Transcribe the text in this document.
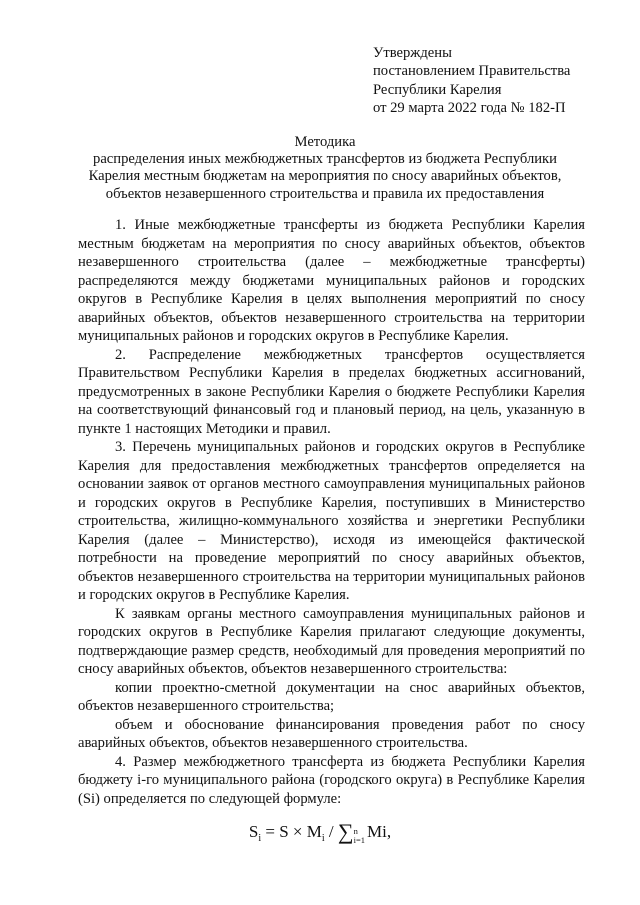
Утверждены
постановлением Правительства
Республики Карелия
от 29 марта 2022 года № 182-П
Методика
распределения иных межбюджетных трансфертов из бюджета Республики
Карелия местным бюджетам на мероприятия по сносу аварийных объектов,
объектов незавершенного строительства и правила их предоставления

1. Иные межбюджетные трансферты из бюджета Республики Карелия местным бюджетам на мероприятия по сносу аварийных объектов, объектов незавершенного строительства (далее – межбюджетные трансферты) распределяются между бюджетами муниципальных районов и городских округов в Республике Карелия в целях выполнения мероприятий по сносу аварийных объектов, объектов незавершенного строительства на территории муниципальных районов и городских округов в Республике Карелия.

2. Распределение межбюджетных трансфертов осуществляется Правительством Республики Карелия в пределах бюджетных ассигнований, предусмотренных в законе Республики Карелия о бюджете Республики Карелия на соответствующий финансовый год и плановый период, на цель, указанную в пункте 1 настоящих Методики и правил.

3. Перечень муниципальных районов и городских округов в Республике Карелия для предоставления межбюджетных трансфертов определяется на основании заявок от органов местного самоуправления муниципальных районов и городских округов в Республике Карелия, поступивших в Министерство строительства, жилищно-коммунального хозяйства и энергетики Республики Карелия (далее – Министерство), исходя из имеющейся фактической потребности на проведение мероприятий по сносу аварийных объектов, объектов незавершенного строительства на территории муниципальных районов и городских округов в Республике Карелия.

К заявкам органы местного самоуправления муниципальных районов и городских округов в Республике Карелия прилагают следующие документы, подтверждающие размер средств, необходимый для проведения мероприятий по сносу аварийных объектов, объектов незавершенного строительства:

копии проектно-сметной документации на снос аварийных объектов, объектов незавершенного строительства;

объем и обоснование финансирования проведения работ по сносу аварийных объектов, объектов незавершенного строительства.

4. Размер межбюджетного трансферта из бюджета Республики Карелия бюджету i-го муниципального района (городского округа) в Республике Карелия (Si) определяется по следующей формуле:

$S_i = S \times M_i$ / ∑ n
i=1 Mi,
